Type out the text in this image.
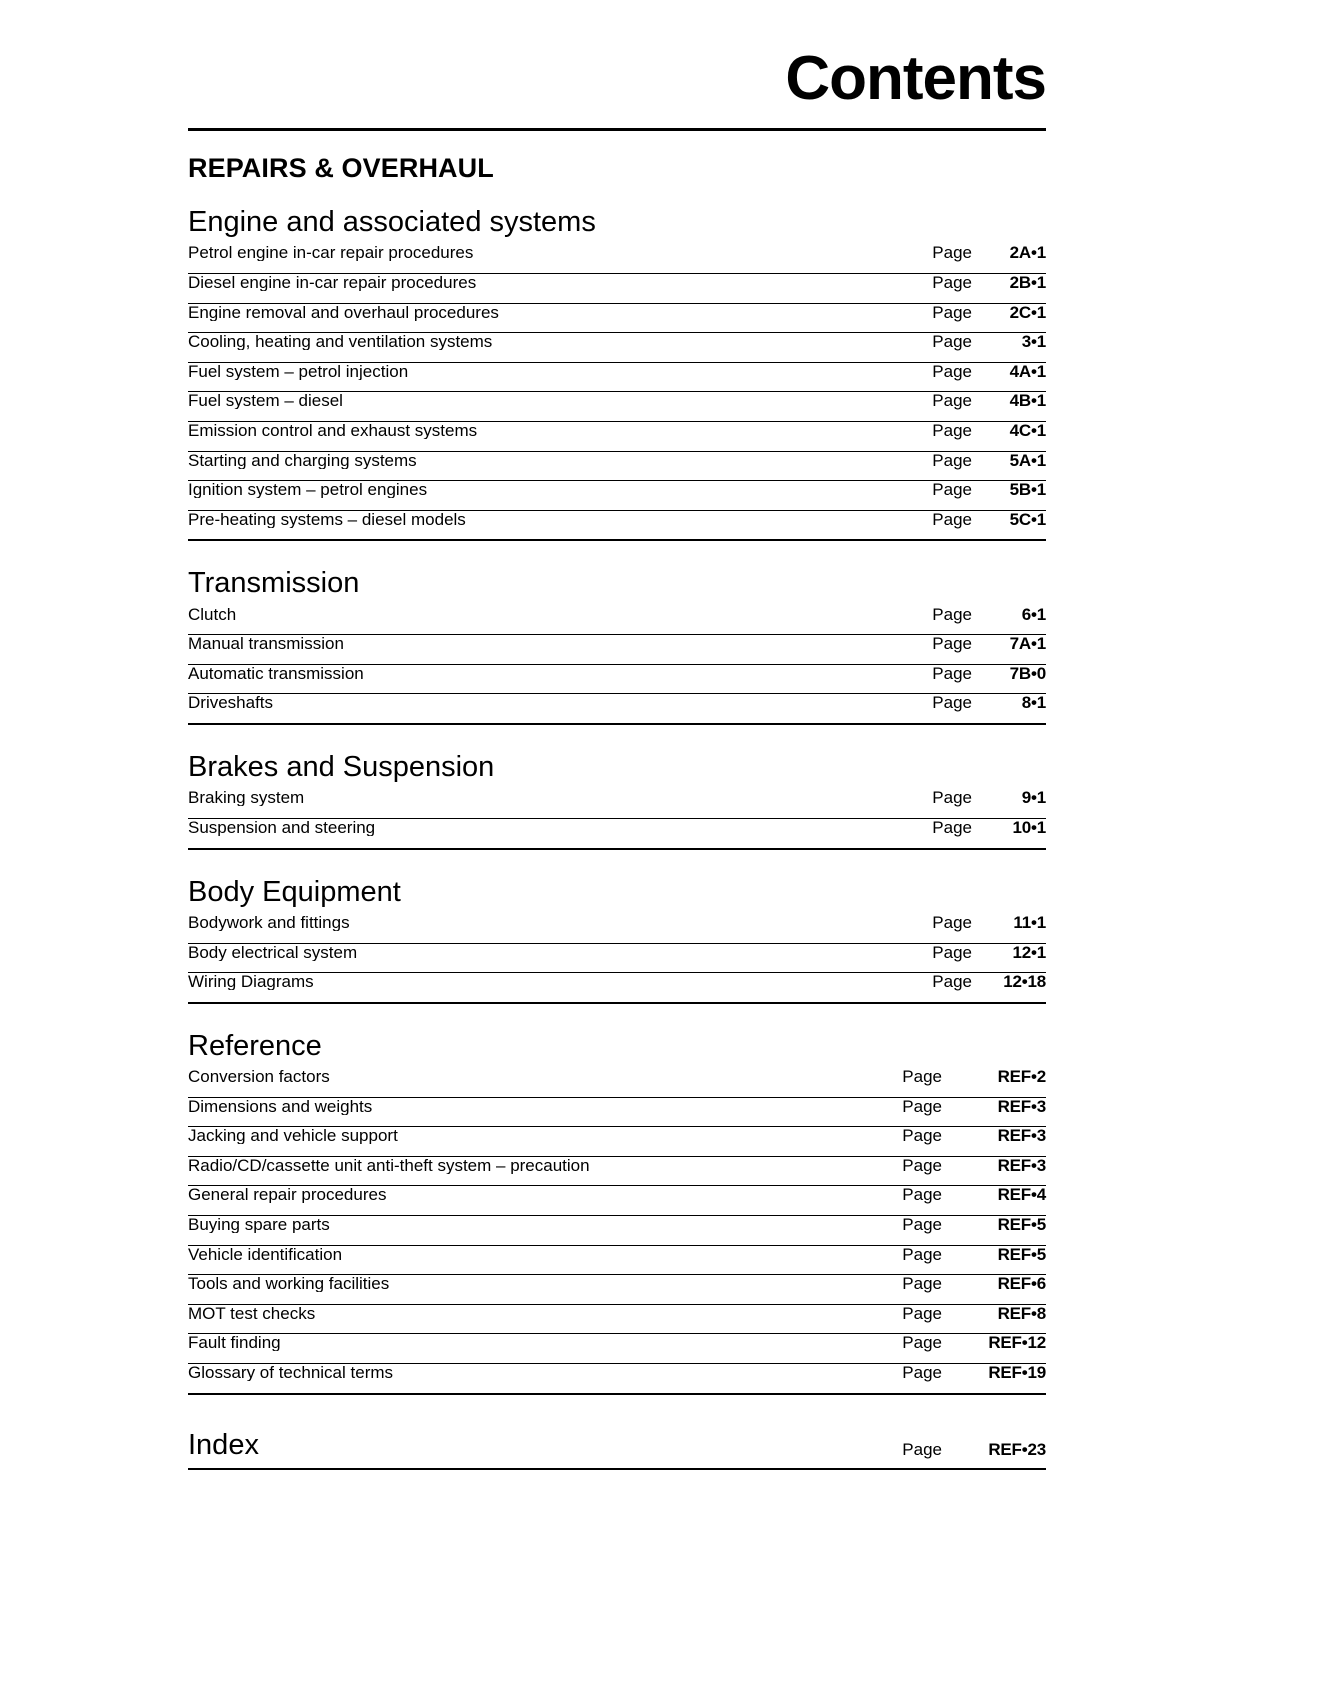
Contents
REPAIRS & OVERHAUL
Engine and associated systems
Petrol engine in-car repair procedures	Page	2A•1
Diesel engine in-car repair procedures	Page	2B•1
Engine removal and overhaul procedures	Page	2C•1
Cooling, heating and ventilation systems	Page	3•1
Fuel system – petrol injection	Page	4A•1
Fuel system – diesel	Page	4B•1
Emission control and exhaust systems	Page	4C•1
Starting and charging systems	Page	5A•1
Ignition system – petrol engines	Page	5B•1
Pre-heating systems – diesel models	Page	5C•1
Transmission
Clutch	Page	6•1
Manual transmission	Page	7A•1
Automatic transmission	Page	7B•0
Driveshafts	Page	8•1
Brakes and Suspension
Braking system	Page	9•1
Suspension and steering	Page	10•1
Body Equipment
Bodywork and fittings	Page	11•1
Body electrical system	Page	12•1
Wiring Diagrams	Page	12•18
Reference
Conversion factors	Page	REF•2
Dimensions and weights	Page	REF•3
Jacking and vehicle support	Page	REF•3
Radio/CD/cassette unit anti-theft system – precaution	Page	REF•3
General repair procedures	Page	REF•4
Buying spare parts	Page	REF•5
Vehicle identification	Page	REF•5
Tools and working facilities	Page	REF•6
MOT test checks	Page	REF•8
Fault finding	Page	REF•12
Glossary of technical terms	Page	REF•19
Index	Page	REF•23
